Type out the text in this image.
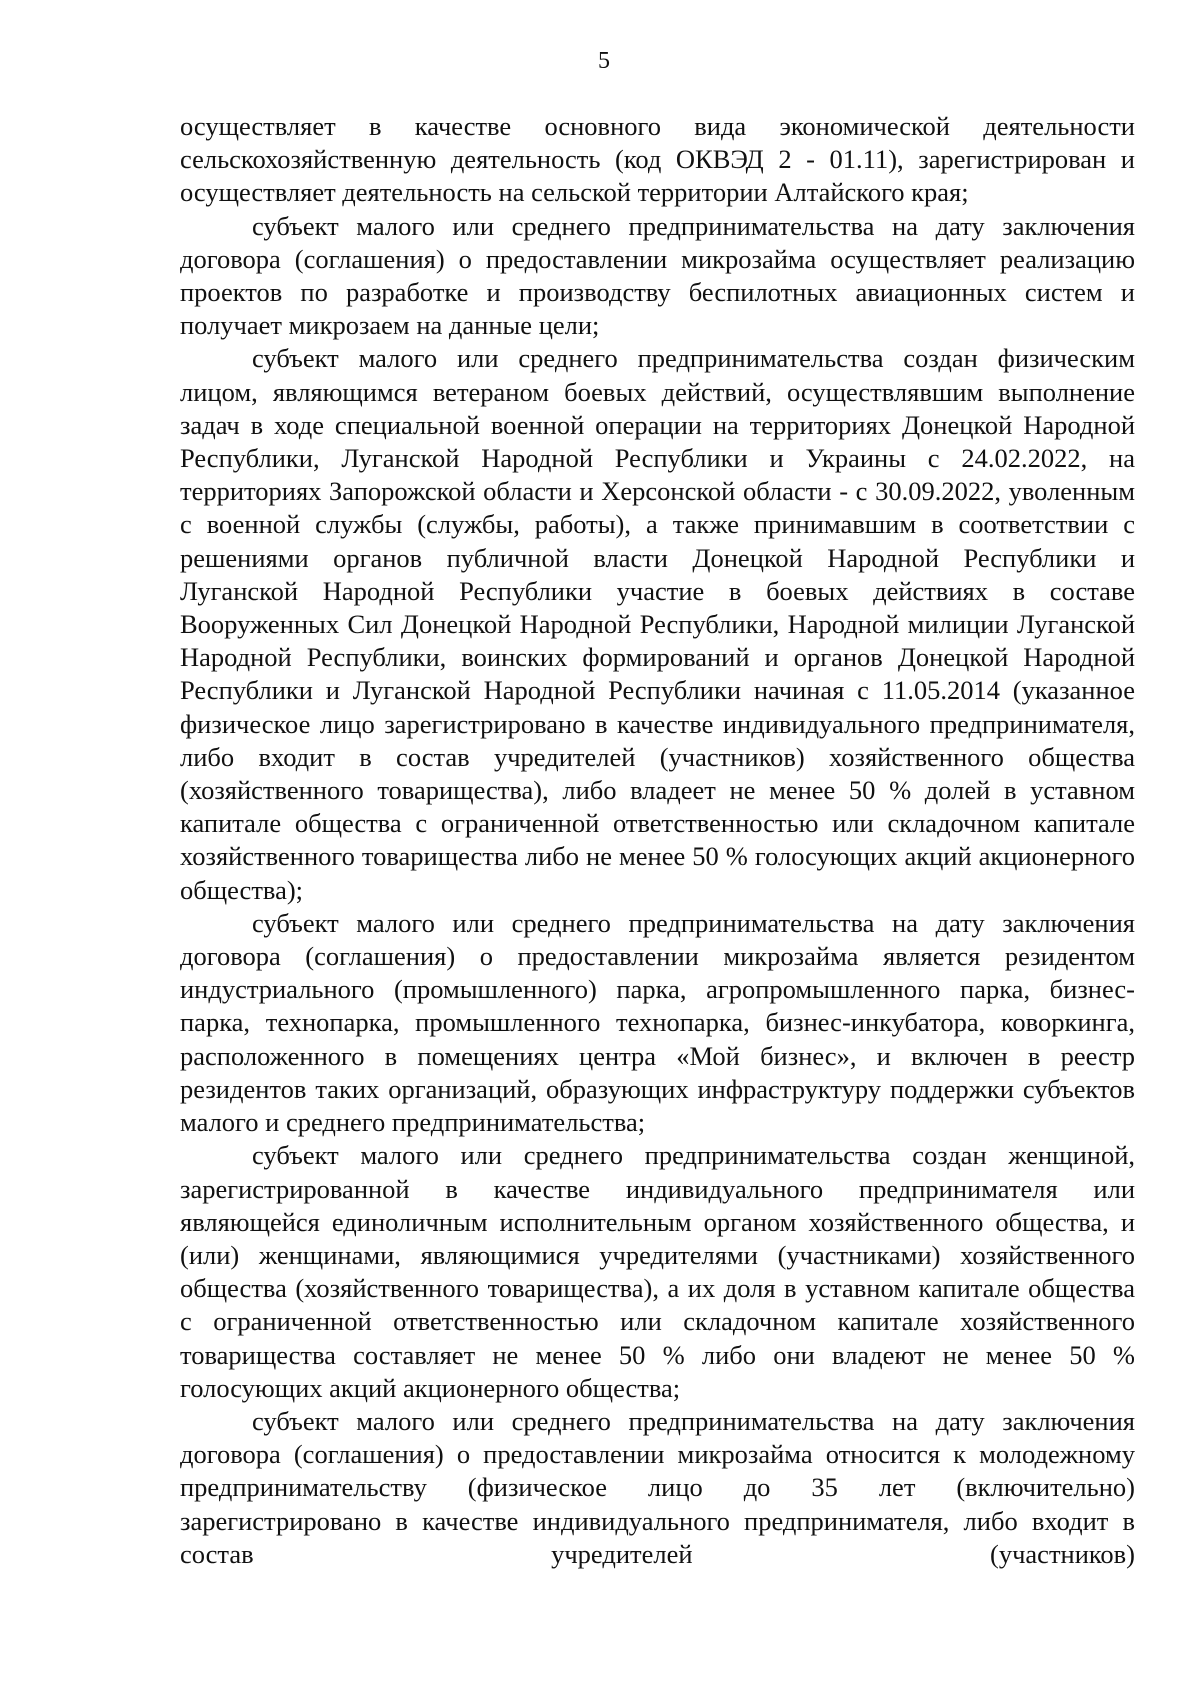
5

осуществляет в качестве основного вида экономической деятельности сельскохозяйственную деятельность (код ОКВЭД 2 - 01.11), зарегистрирован и осуществляет деятельность на сельской территории Алтайского края;

субъект малого или среднего предпринимательства на дату заключения договора (соглашения) о предоставлении микрозайма осуществляет реализацию проектов по разработке и производству беспилотных авиационных систем и получает микрозаем на данные цели;

субъект малого или среднего предпринимательства создан физическим лицом, являющимся ветераном боевых действий, осуществлявшим выполнение задач в ходе специальной военной операции на территориях Донецкой Народной Республики, Луганской Народной Республики и Украины с 24.02.2022, на территориях Запорожской области и Херсонской области - с 30.09.2022, уволенным с военной службы (службы, работы), а также принимавшим в соответствии с решениями органов публичной власти Донецкой Народной Республики и Луганской Народной Республики участие в боевых действиях в составе Вооруженных Сил Донецкой Народной Республики, Народной милиции Луганской Народной Республики, воинских формирований и органов Донецкой Народной Республики и Луганской Народной Республики начиная с 11.05.2014 (указанное физическое лицо зарегистрировано в качестве индивидуального предпринимателя, либо входит в состав учредителей (участников) хозяйственного общества (хозяйственного товарищества), либо владеет не менее 50 % долей в уставном капитале общества с ограниченной ответственностью или складочном капитале хозяйственного товарищества либо не менее 50 % голосующих акций акционерного общества);

субъект малого или среднего предпринимательства на дату заключения договора (соглашения) о предоставлении микрозайма является резидентом индустриального (промышленного) парка, агропромышленного парка, бизнес-парка, технопарка, промышленного технопарка, бизнес-инкубатора, коворкинга, расположенного в помещениях центра «Мой бизнес», и включен в реестр резидентов таких организаций, образующих инфраструктуру поддержки субъектов малого и среднего предпринимательства;

субъект малого или среднего предпринимательства создан женщиной, зарегистрированной в качестве индивидуального предпринимателя или являющейся единоличным исполнительным органом хозяйственного общества, и (или) женщинами, являющимися учредителями (участниками) хозяйственного общества (хозяйственного товарищества), а их доля в уставном капитале общества с ограниченной ответственностью или складочном капитале хозяйственного товарищества составляет не менее 50 % либо они владеют не менее 50 % голосующих акций акционерного общества;

субъект малого или среднего предпринимательства на дату заключения договора (соглашения) о предоставлении микрозайма относится к молодежному предпринимательству (физическое лицо до 35 лет (включительно) зарегистрировано в качестве индивидуального предпринимателя, либо входит в состав учредителей (участников)
